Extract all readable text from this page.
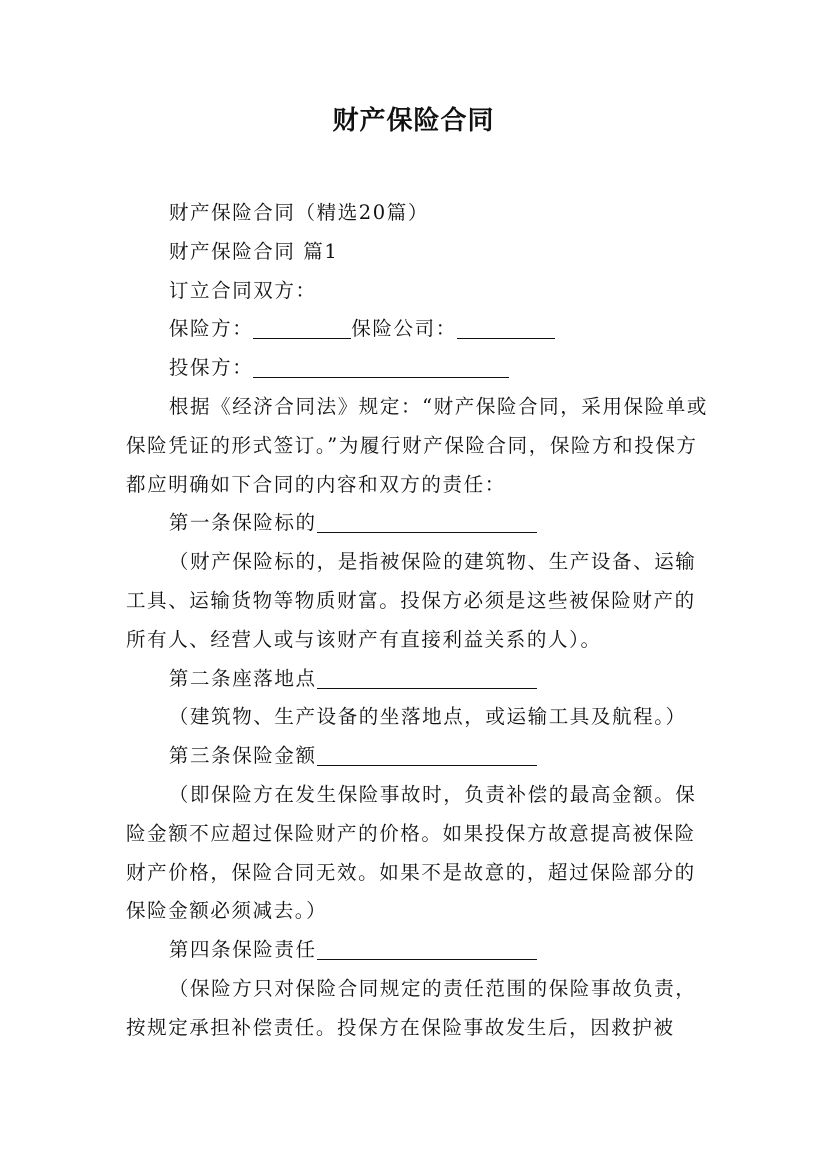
财产保险合同

财产保险合同（精选20篇）

财产保险合同 篇1

订立合同双方：

保险方：	保险公司：

投保方：

根据《经济合同法》规定：“财产保险合同，采用保险单或保险凭证的形式签订。”为履行财产保险合同，保险方和投保方都应明确如下合同的内容和双方的责任：

第一条保险标的

（财产保险标的，是指被保险的建筑物、生产设备、运输工具、运输货物等物质财富。投保方必须是这些被保险财产的所有人、经营人或与该财产有直接利益关系的人）。

第二条座落地点

（建筑物、生产设备的坐落地点，或运输工具及航程。）

第三条保险金额

（即保险方在发生保险事故时，负责补偿的最高金额。保险金额不应超过保险财产的价格。如果投保方故意提高被保险财产价格，保险合同无效。如果不是故意的，超过保险部分的保险金额必须减去。）

第四条保险责任

（保险方只对保险合同规定的责任范围的保险事故负责，按规定承担补偿责任。投保方在保险事故发生后，因救护被
